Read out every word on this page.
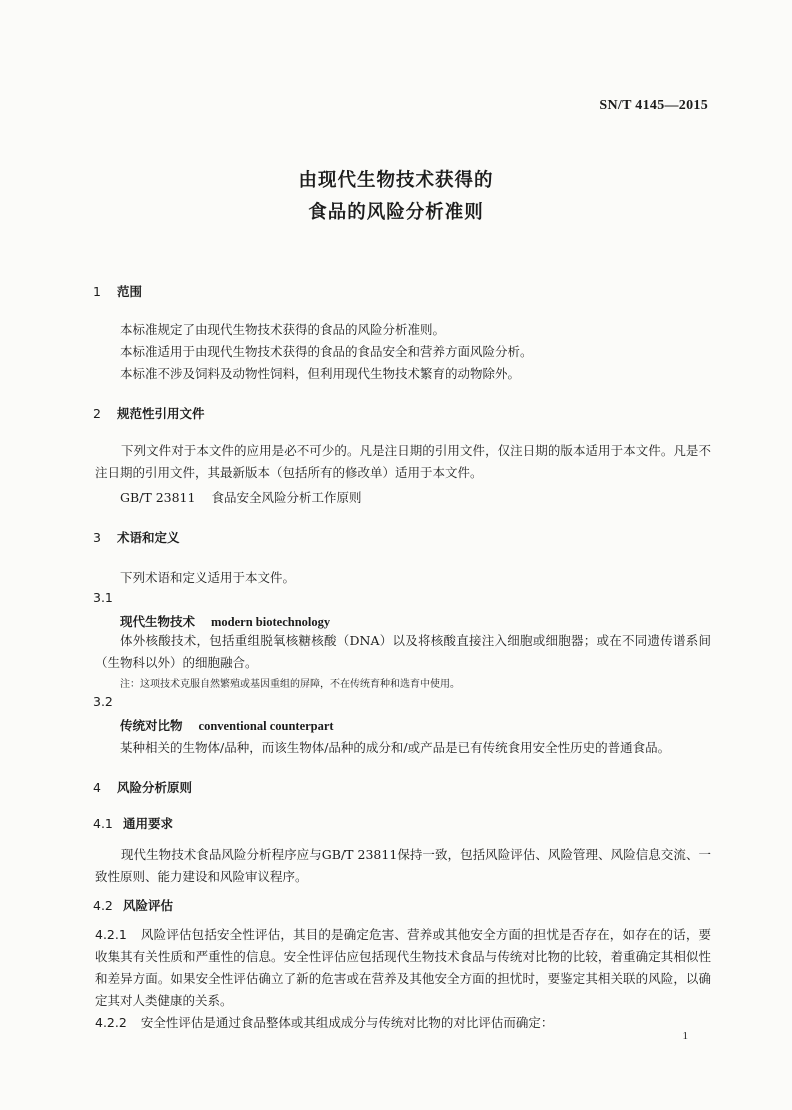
SN/T 4145—2015
由现代生物技术获得的
食品的风险分析准则
1 范围
本标准规定了由现代生物技术获得的食品的风险分析准则。
本标准适用于由现代生物技术获得的食品的食品安全和营养方面风险分析。
本标准不涉及饲料及动物性饲料，但利用现代生物技术繁育的动物除外。
2 规范性引用文件
下列文件对于本文件的应用是必不可少的。凡是注日期的引用文件，仅注日期的版本适用于本文件。凡是不注日期的引用文件，其最新版本（包括所有的修改单）适用于本文件。
GB/T 23811 食品安全风险分析工作原则
3 术语和定义
下列术语和定义适用于本文件。
3.1
现代生物技术 modern biotechnology
体外核酸技术，包括重组脱氧核糖核酸（DNA）以及将核酸直接注入细胞或细胞器；或在不同遗传谱系间（生物科以外）的细胞融合。
注：这项技术克服自然繁殖或基因重组的屏障，不在传统育种和选育中使用。
3.2
传统对比物 conventional counterpart
某种相关的生物体/品种，而该生物体/品种的成分和/或产品是已有传统食用安全性历史的普通食品。
4 风险分析原则
4.1 通用要求
现代生物技术食品风险分析程序应与GB/T 23811保持一致，包括风险评估、风险管理、风险信息交流、一致性原则、能力建设和风险审议程序。
4.2 风险评估
4.2.1 风险评估包括安全性评估，其目的是确定危害、营养或其他安全方面的担忧是否存在，如存在的话，要收集其有关性质和严重性的信息。安全性评估应包括现代生物技术食品与传统对比物的比较，着重确定其相似性和差异方面。如果安全性评估确立了新的危害或在营养及其他安全方面的担忧时，要鉴定其相关联的风险，以确定其对人类健康的关系。
4.2.2 安全性评估是通过食品整体或其组成成分与传统对比物的对比评估而确定：
1
